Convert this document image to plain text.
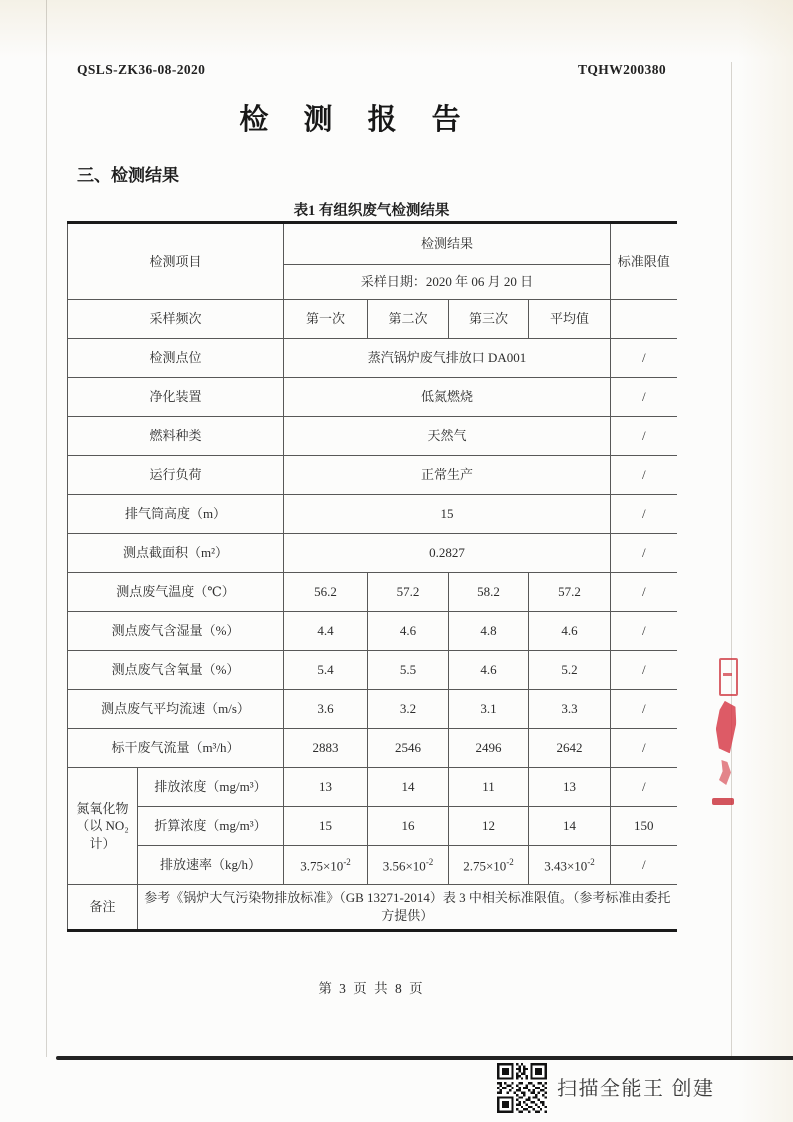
QSLS-ZK36-08-2020	TQHW200380
检 测 报 告
三、检测结果
表1 有组织废气检测结果
检测项目		检测结果				标准限值
		采样日期：2020 年 06 月 20 日				
采样频次		第一次	第二次	第三次	平均值	
检测点位		蒸汽锅炉废气排放口 DA001				/
净化装置		低氮燃烧				/
燃料种类		天然气				/
运行负荷		正常生产				/
排气筒高度（m）		15				/
测点截面积（m²）		0.2827				/
测点废气温度（℃）		56.2	57.2	58.2	57.2	/
测点废气含湿量（%）		4.4	4.6	4.8	4.6	/
测点废气含氧量（%）		5.4	5.5	4.6	5.2	/
测点废气平均流速（m/s）		3.6	3.2	3.1	3.3	/
标干废气流量（m³/h）		2883	2546	2496	2642	/

氮氧化物
（以 NO₂ 计）	排放浓度（mg/m³）	13	14	11	13	/
	折算浓度（mg/m³）	15	16	12	14	150
	排放速率（kg/h）	$3.75\times 10^{-2}$	$3.56\times 10^{-2}$	$2.75\times 10^{-2}$	$3.43\times 10^{-2}$	/
备注	参考《锅炉大气污染物排放标准》（GB 13271-2014）表 3 中相关标准限值。（参考标准由委托方提供）					
第 3 页 共 8 页
扫描全能王 创建
